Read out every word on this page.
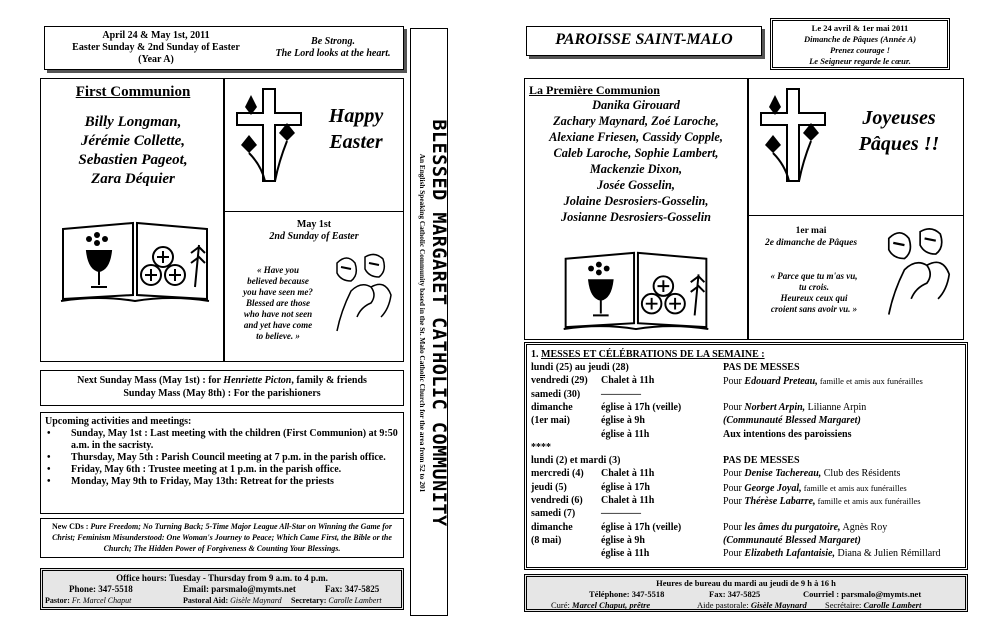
April 24 & May 1st, 2011
Easter Sunday & 2nd Sunday of Easter
(Year A)
Be Strong.
The Lord looks at the heart.
First Communion
Billy Longman,
Jérémie Collette,
Sebastien Pageot,
Zara Déquier
Happy
Easter
May 1st
2nd Sunday of Easter
« Have you
believed because
you have seen me?
Blessed are those
who have not seen
and yet have come
to believe. »
Next Sunday Mass (May 1st) : for Henriette Picton, family & friends
Sunday Mass (May 8th) : For the parishioners
Upcoming activities and meetings:
• Sunday, May 1st : Last meeting with the children (First Communion) at 9:50 a.m. in the sacristy.
• Thursday, May 5th : Parish Council meeting at 7 p.m. in the parish office.
• Friday, May 6th : Trustee meeting at 1 p.m. in the parish office.
• Monday, May 9th to Friday, May 13th: Retreat for the priests
New CDs : Pure Freedom; No Turning Back; 5-Time Major League All-Star on Winning the Game for Christ; Feminism Misunderstood: One Woman's Journey to Peace; Which Came First, the Bible or the Church; The Hidden Power of Forgiveness & Counting Your Blessings.
Office hours: Tuesday - Thursday from 9 a.m. to 4 p.m.
Phone: 347-5518	Email: parsmalo@mymts.net	Fax: 347-5825
Pastor: Fr. Marcel Chaput	Pastoral Aid: Gisèle Maynard Secretary: Carolle Lambert
BLESSED MARGARET CATHOLIC COMMUNITY
An English Speaking Catholic Community based in the St. Malo Catholic Church for the area from 52 to 201
PAROISSE SAINT-MALO
Le 24 avril & 1er mai 2011
Dimanche de Pâques (Année A)
Prenez courage !
Le Seigneur regarde le cœur.
La Première Communion
Danika Girouard
Zachary Maynard, Zoé Laroche,
Alexiane Friesen, Cassidy Copple,
Caleb Laroche, Sophie Lambert,
Mackenzie Dixon,
Josée Gosselin,
Jolaine Desrosiers-Gosselin,
Josianne Desrosiers-Gosselin
Joyeuses
Pâques !!
1er mai
2e dimanche de Pâques
« Parce que tu m'as vu,
tu crois.
Heureux ceux qui
croient sans avoir vu. »
1. MESSES ET CÉLÉBRATIONS DE LA SEMAINE :
lundi (25) au jeudi (28)	PAS DE MESSES
vendredi (29) Chalet à 11h	Pour Edouard Preteau, famille et amis aux funérailles
samedi (30) ————
dimanche	église à 17h (veille)	Pour Norbert Arpin, Lilianne Arpin
(1er mai)	église à 9h	(Communauté Blessed Margaret)
église à 11h	Aux intentions des paroissiens
****
lundi (2) et mardi (3)	PAS DE MESSES
mercredi (4) Chalet à 11h	Pour Denise Tachereau, Club des Résidents
jeudi (5)	église à 17h	Pour George Joyal, famille et amis aux funérailles
vendredi (6) Chalet à 11h	Pour Thérèse Labarre, famille et amis aux funérailles
samedi (7)	————
dimanche	église à 17h (veille)	Pour les âmes du purgatoire, Agnès Roy
(8 mai)	église à 9h	(Communauté Blessed Margaret)
église à 11h	Pour Elizabeth Lafantaisie, Diana & Julien Rémillard
Heures de bureau du mardi au jeudi de 9 h à 16 h
Téléphone: 347-5518	Fax: 347-5825	Courriel : parsmalo@mymts.net
Curé: Marcel Chaput, prêtre	Aide pastorale: Gisèle Maynard Secrétaire: Carolle Lambert
